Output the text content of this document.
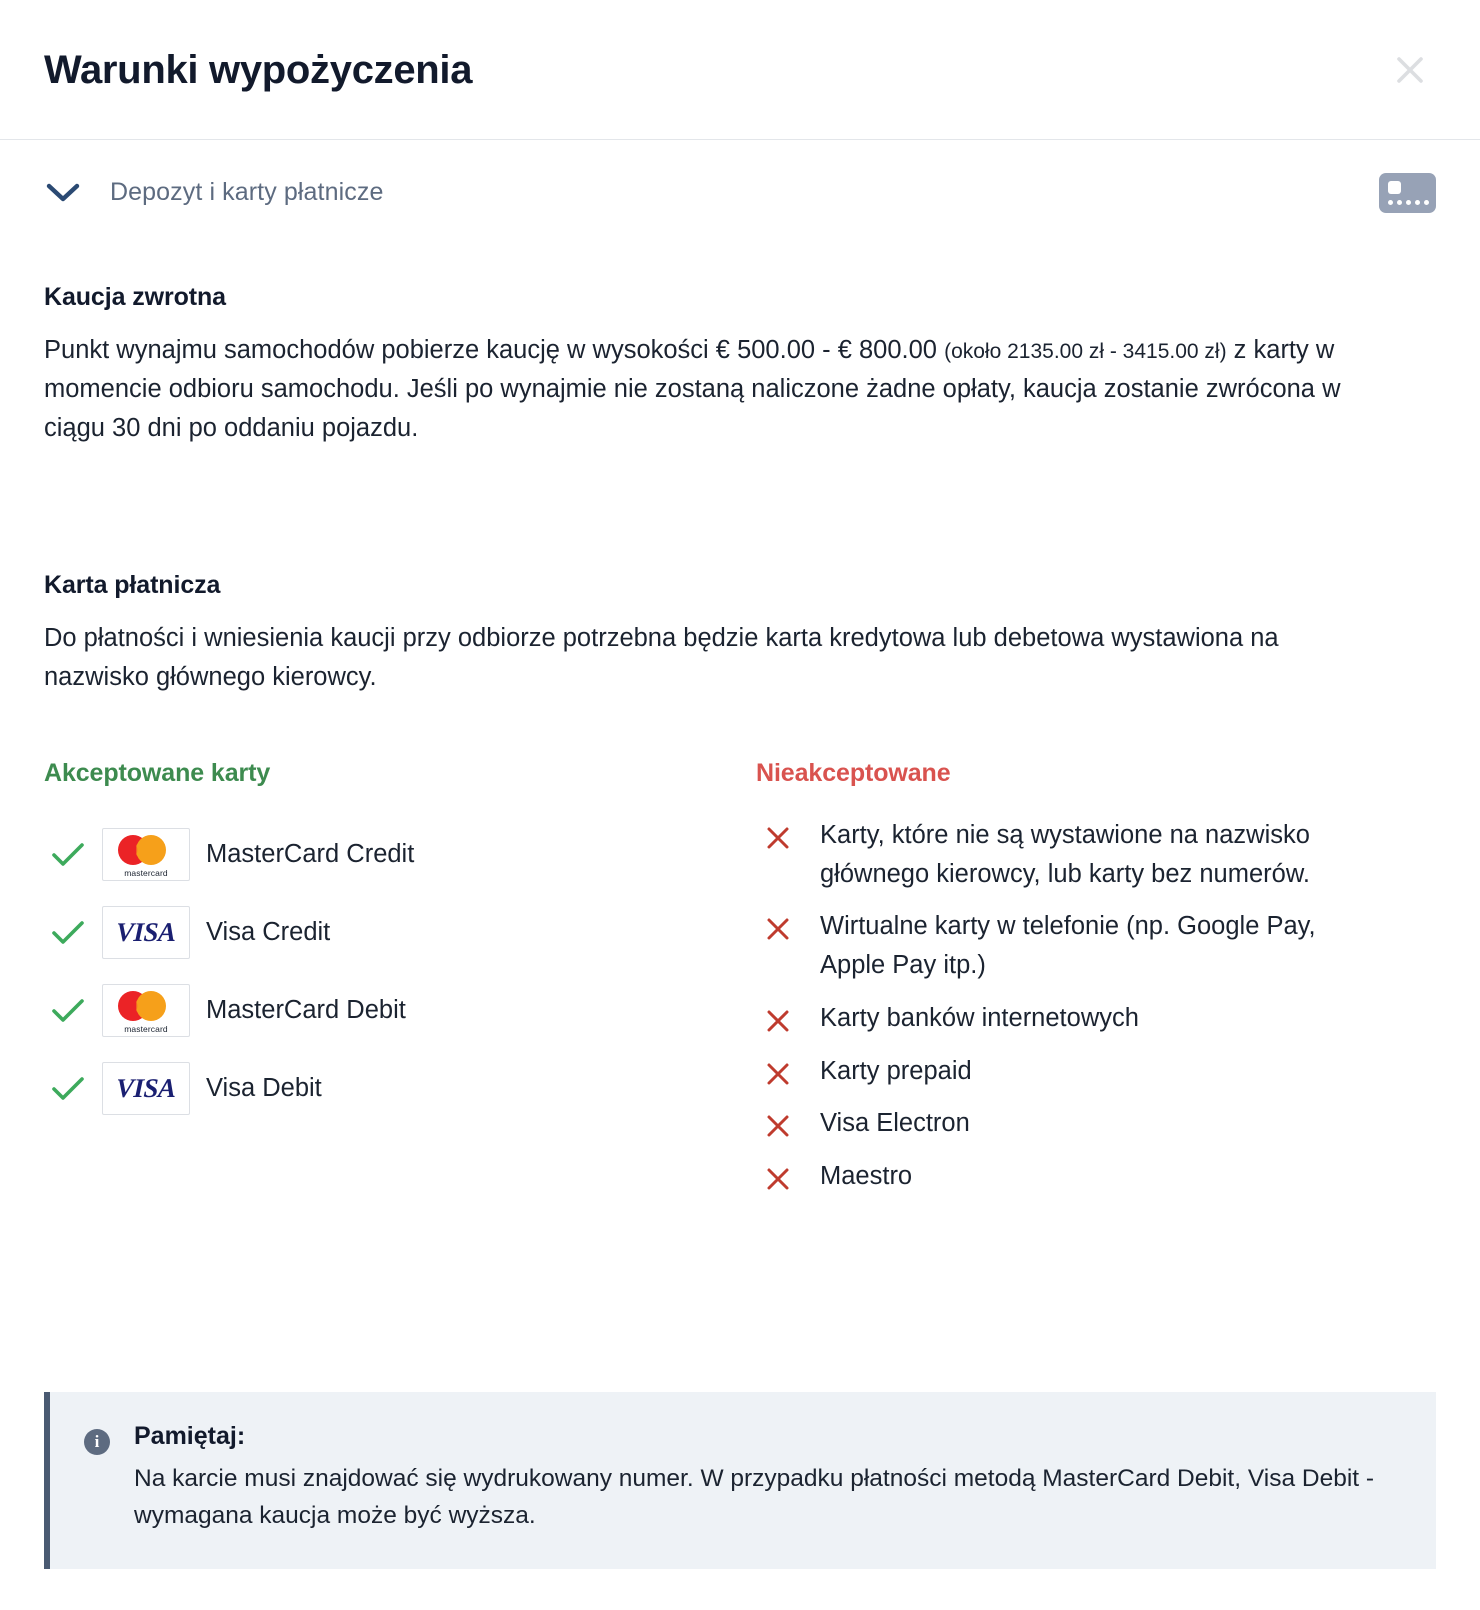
Warunki wypożyczenia
Depozyt i karty płatnicze
Kaucja zwrotna

Punkt wynajmu samochodów pobierze kaucję w wysokości € 500.00 - € 800.00 (około 2135.00 zł - 3415.00 zł) z karty w momencie odbioru samochodu. Jeśli po wynajmie nie zostaną naliczone żadne opłaty, kaucja zostanie zwrócona w ciągu 30 dni po oddaniu pojazdu.

Karta płatnicza

Do płatności i wniesienia kaucji przy odbiorze potrzebna będzie karta kredytowa lub debetowa wystawiona na nazwisko głównego kierowcy.

Akceptowane karty
mastercard
MasterCard Credit
VISA Visa Credit
mastercard
MasterCard Debit
VISA Visa Debit
Nieakceptowane
Karty, które nie są wystawione na nazwisko głównego kierowcy, lub karty bez numerów.
Wirtualne karty w telefonie (np. Google Pay, Apple Pay itp.)
Karty banków internetowych
Karty prepaid
Visa Electron
Maestro
i	Pamiętaj:
Na karcie musi znajdować się wydrukowany numer. W przypadku płatności metodą MasterCard Debit, Visa Debit - wymagana kaucja może być wyższa.
